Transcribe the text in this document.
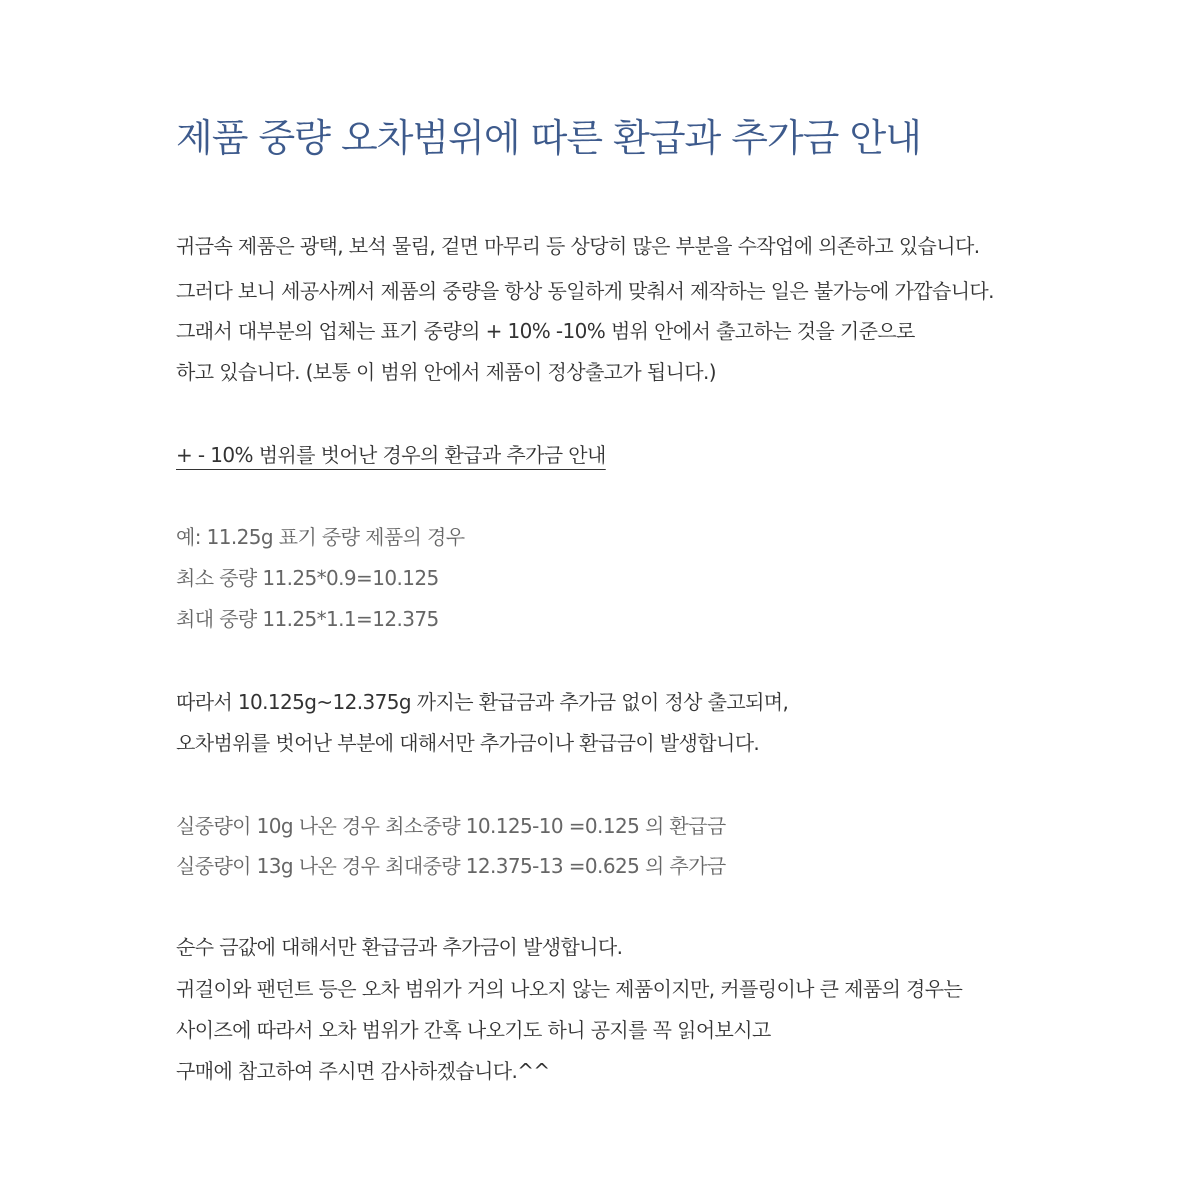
제품 중량 오차범위에 따른 환급과 추가금 안내

귀금속 제품은 광택, 보석 물림, 겉면 마무리 등 상당히 많은 부분을 수작업에 의존하고 있습니다.

그러다 보니 세공사께서 제품의 중량을 항상 동일하게 맞춰서 제작하는 일은 불가능에 가깝습니다.

그래서 대부분의 업체는 표기 중량의 + 10% -10% 범위 안에서 출고하는 것을 기준으로

하고 있습니다. (보통 이 범위 안에서 제품이 정상출고가 됩니다.)

+ - 10% 범위를 벗어난 경우의 환급과 추가금 안내

예: 11.25g 표기 중량 제품의 경우

최소 중량 11.25*0.9=10.125

최대 중량 11.25*1.1=12.375

따라서 10.125g~12.375g 까지는 환급금과 추가금 없이 정상 출고되며,

오차범위를 벗어난 부분에 대해서만 추가금이나 환급금이 발생합니다.

실중량이 10g 나온 경우 최소중량 10.125-10 =0.125 의 환급금

실중량이 13g 나온 경우 최대중량 12.375-13 =0.625 의 추가금

순수 금값에 대해서만 환급금과 추가금이 발생합니다.

귀걸이와 팬던트 등은 오차 범위가 거의 나오지 않는 제품이지만, 커플링이나 큰 제품의 경우는

사이즈에 따라서 오차 범위가 간혹 나오기도 하니 공지를 꼭 읽어보시고

구매에 참고하여 주시면 감사하겠습니다.^^
